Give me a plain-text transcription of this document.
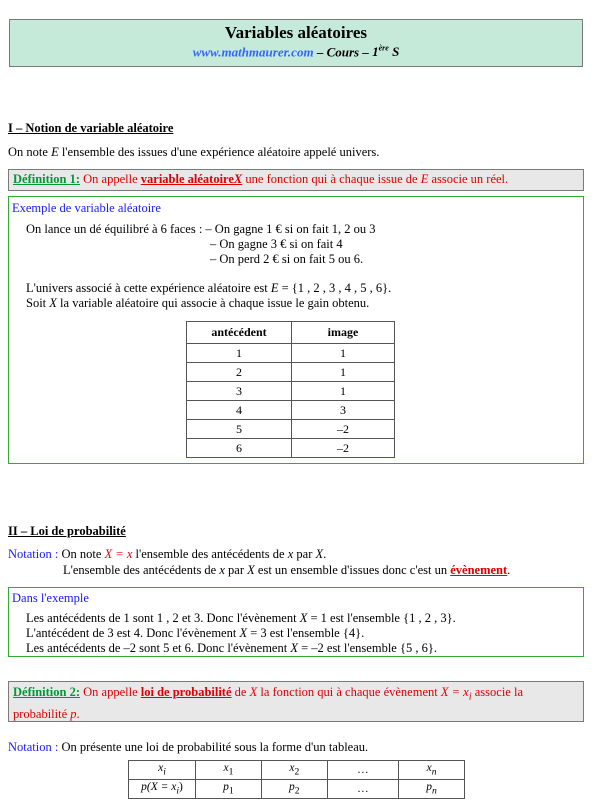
Variables aléatoires
www.mathmaurer.com – Cours – 1ère S
I – Notion de variable aléatoire
On note E l'ensemble des issues d'une expérience aléatoire appelé univers.
Définition 1: On appelle variable aléatoireX une fonction qui à chaque issue de E associe un réel.
Exemple de variable aléatoire
On lance un dé équilibré à 6 faces : – On gagne 1 € si on fait 1, 2 ou 3
– On gagne 3 € si on fait 4
– On perd 2 € si on fait 5 ou 6.
L'univers associé à cette expérience aléatoire est E = {1 , 2 , 3 , 4 , 5 , 6}.
Soit X la variable aléatoire qui associe à chaque issue le gain obtenu.
antécédent	image
1	1
2	1
3	1
4	3
5	–2
6	–2
II – Loi de probabilité
Notation : On note X = x l'ensemble des antécédents de x par X.
L'ensemble des antécédents de x par X est un ensemble d'issues donc c'est un évènement.
Dans l'exemple
Les antécédents de 1 sont 1 , 2 et 3. Donc l'évènement X = 1 est l'ensemble {1 , 2 , 3}.
L'antécédent de 3 est 4. Donc l'évènement X = 3 est l'ensemble {4}.
Les antécédents de –2 sont 5 et 6. Donc l'évènement X = –2 est l'ensemble {5 , 6}.
Définition 2: On appelle loi de probabilité de X la fonction qui à chaque évènement $X = x_i$ associe la
probabilité p.
Notation : On présente une loi de probabilité sous la forme d'un tableau.
$x_i$	$x_1$	$x_2$	…	$x_n$
$p(X = x_i)$	$p_1$	$p_2$	…	$p_n$
